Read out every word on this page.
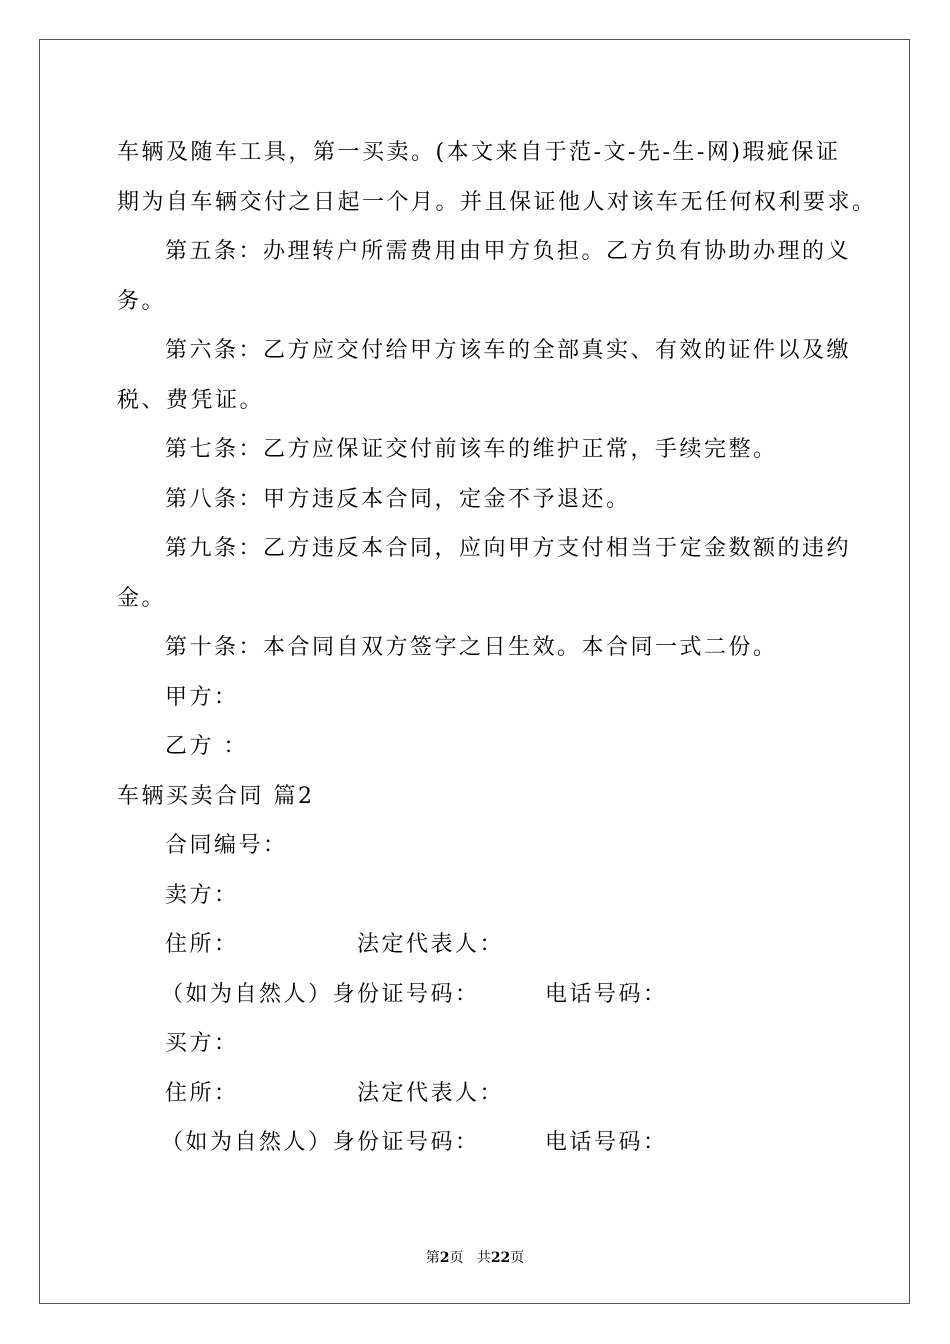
车辆及随车工具，第一买卖。(本文来自于范-文-先-生-网)瑕疵保证
期为自车辆交付之日起一个月。并且保证他人对该车无任何权利要求。
第五条：办理转户所需费用由甲方负担。乙方负有协助办理的义
务。
第六条：乙方应交付给甲方该车的全部真实、有效的证件以及缴
税、费凭证。
第七条：乙方应保证交付前该车的维护正常，手续完整。
第八条：甲方违反本合同，定金不予退还。
第九条：乙方违反本合同，应向甲方支付相当于定金数额的违约
金。
第十条：本合同自双方签字之日生效。本合同一式二份。
甲方：
乙方 ：
车辆买卖合同 篇2
合同编号：
卖方：
住所：	法定代表人：
（如为自然人）身份证号码：	电话号码：
买方：
住所：	法定代表人：
（如为自然人）身份证号码：	电话号码：
第2页 共22页
